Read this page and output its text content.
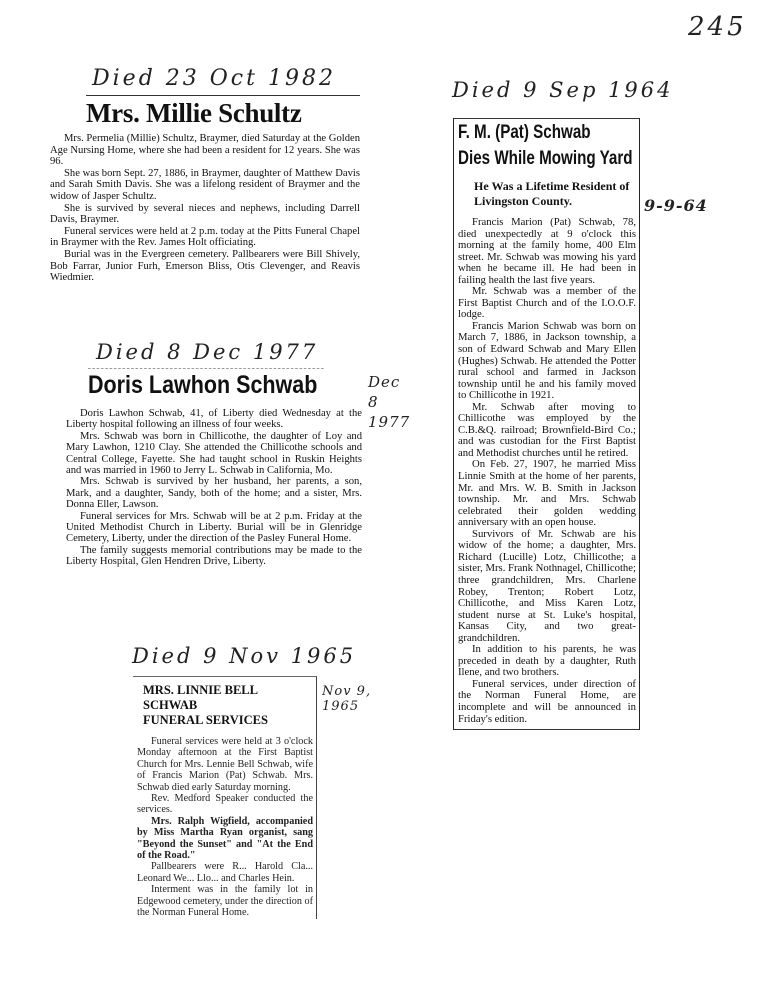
245
Died 23 Oct 1982
Mrs. Millie Schultz

Mrs. Permelia (Millie) Schultz, Braymer, died Saturday at the Golden Age Nursing Home, where she had been a resident for 12 years. She was 96.

She was born Sept. 27, 1886, in Braymer, daughter of Matthew Davis and Sarah Smith Davis. She was a lifelong resident of Braymer and the widow of Jasper Schultz.

She is survived by several nieces and nephews, including Darrell Davis, Braymer.

Funeral services were held at 2 p.m. today at the Pitts Funeral Chapel in Braymer with the Rev. James Holt officiating.

Burial was in the Evergreen cemetery. Pallbearers were Bill Shively, Bob Farrar, Junior Furh, Emerson Bliss, Otis Clevenger, and Reavis Wiedmier.

Died 8 Dec 1977
Dec 8 1977
Doris Lawhon Schwab

Doris Lawhon Schwab, 41, of Liberty died Wednesday at the Liberty hospital following an illness of four weeks.

Mrs. Schwab was born in Chillicothe, the daughter of Loy and Mary Lawhon, 1210 Clay. She attended the Chillicothe schools and Central College, Fayette. She had taught school in Ruskin Heights and was married in 1960 to Jerry L. Schwab in California, Mo.

Mrs. Schwab is survived by her husband, her parents, a son, Mark, and a daughter, Sandy, both of the home; and a sister, Mrs. Donna Eller, Lawson.

Funeral services for Mrs. Schwab will be at 2 p.m. Friday at the United Methodist Church in Liberty. Burial will be in Glenridge Cemetery, Liberty, under the direction of the Pasley Funeral Home.

The family suggests memorial contributions may be made to the Liberty Hospital, Glen Hendren Drive, Liberty.

Died 9 Sep 1964
9-9-64
F. M. (Pat) Schwab
Dies While Mowing Yard
He Was a Lifetime Resident of Livingston County.

Francis Marion (Pat) Schwab, 78, died unexpectedly at 9 o'clock this morning at the family home, 400 Elm street. Mr. Schwab was mowing his yard when he became ill. He had been in failing health the last five years.

Mr. Schwab was a member of the First Baptist Church and of the I.O.O.F. lodge.

Francis Marion Schwab was born on March 7, 1886, in Jackson township, a son of Edward Schwab and Mary Ellen (Hughes) Schwab. He attended the Potter rural school and farmed in Jackson township until he and his family moved to Chillicothe in 1921.

Mr. Schwab after moving to Chillicothe was employed by the C.B.&Q. railroad; Brownfield-Bird Co.; and was custodian for the First Baptist and Methodist churches until he retired.

On Feb. 27, 1907, he married Miss Linnie Smith at the home of her parents, Mr. and Mrs. W. B. Smith in Jackson township. Mr. and Mrs. Schwab celebrated their golden wedding anniversary with an open house.

Survivors of Mr. Schwab are his widow of the home; a daughter, Mrs. Richard (Lucille) Lotz, Chillicothe; a sister, Mrs. Frank Nothnagel, Chillicothe; three grandchildren, Mrs. Charlene Robey, Trenton; Robert Lotz, Chillicothe, and Miss Karen Lotz, student nurse at St. Luke's hospital, Kansas City, and two great-grandchildren.

In addition to his parents, he was preceded in death by a daughter, Ruth Ilene, and two brothers.

Funeral services, under direction of the Norman Funeral Home, are incomplete and will be announced in Friday's edition.

Died 9 Nov 1965
Nov 9, 1965
MRS. LINNIE BELL SCHWAB
FUNERAL SERVICES

Funeral services were held at 3 o'clock Monday afternoon at the First Baptist Church for Mrs. Lennie Bell Schwab, wife of Francis Marion (Pat) Schwab. Mrs. Schwab died early Saturday morning.

Rev. Medford Speaker conducted the services.

Mrs. Ralph Wigfield, accompanied by Miss Martha Ryan organist, sang "Beyond the Sunset" and "At the End of the Road."

Pallbearers were R... Harold Cla... Leonard We... Llo... and Charles Hein.

Interment was in the family lot in Edgewood cemetery, under the direction of the Norman Funeral Home.
